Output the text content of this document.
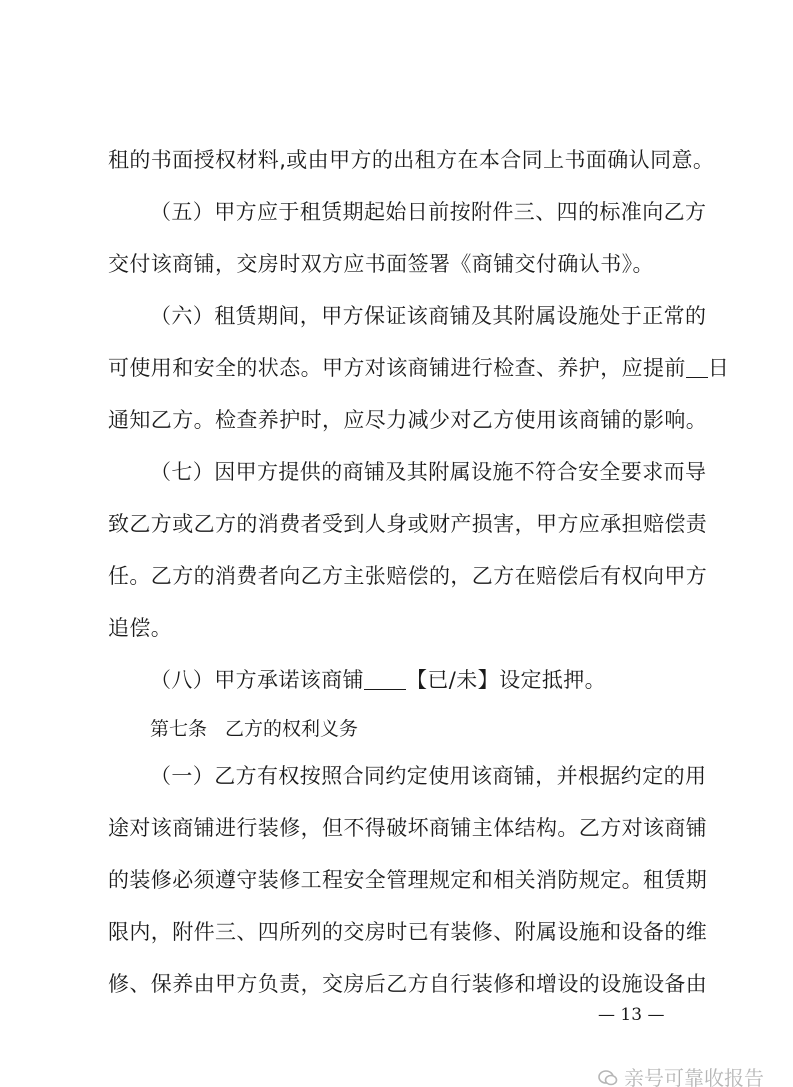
租的书面授权材料,或由甲方的出租方在本合同上书面确认同意。
（五）甲方应于租赁期起始日前按附件三、四的标准向乙方
交付该商铺，交房时双方应书面签署《商铺交付确认书》。
（六）租赁期间，甲方保证该商铺及其附属设施处于正常的
可使用和安全的状态。甲方对该商铺进行检查、养护，应提前 日
通知乙方。检查养护时，应尽力减少对乙方使用该商铺的影响。
（七）因甲方提供的商铺及其附属设施不符合安全要求而导
致乙方或乙方的消费者受到人身或财产损害，甲方应承担赔偿责
任。乙方的消费者向乙方主张赔偿的，乙方在赔偿后有权向甲方
追偿。
（八）甲方承诺该商铺 【已/未】设定抵押。
第七条 乙方的权利义务
（一）乙方有权按照合同约定使用该商铺，并根据约定的用
途对该商铺进行装修，但不得破坏商铺主体结构。乙方对该商铺
的装修必须遵守装修工程安全管理规定和相关消防规定。租赁期
限内，附件三、四所列的交房时已有装修、附属设施和设备的维
修、保养由甲方负责，交房后乙方自行装修和增设的设施设备由
— 13 —
亲号可靠收报告
